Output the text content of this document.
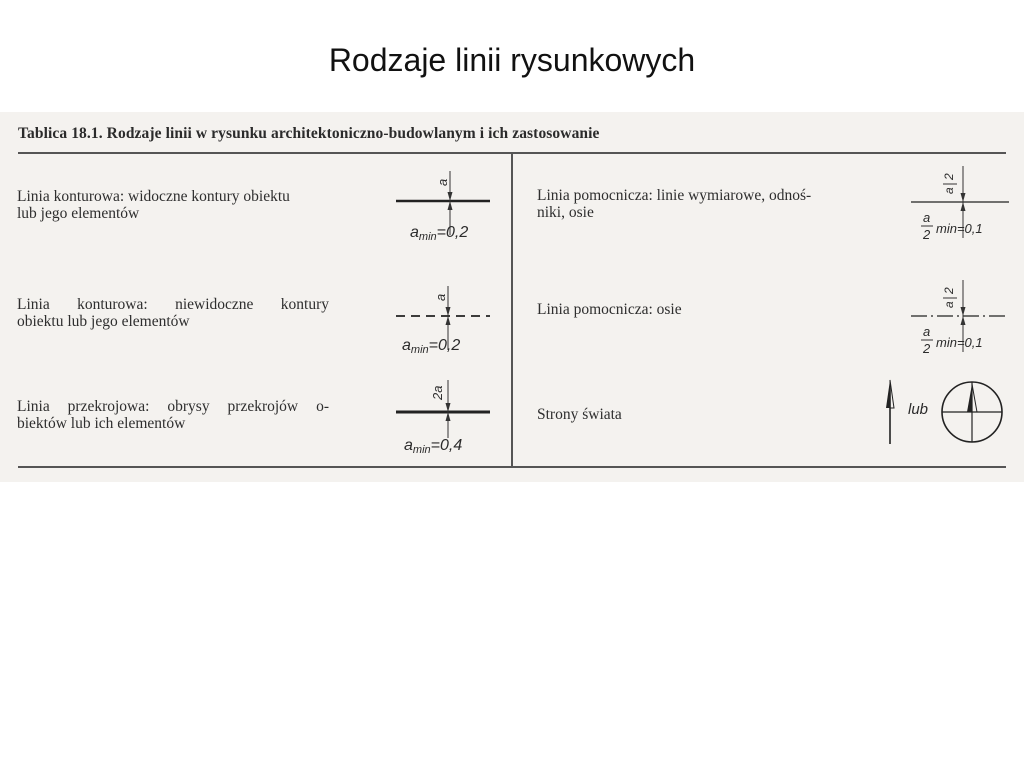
Rodzaje linii rysunkowych
Tablica 18.1. Rodzaje linii w rysunku architektoniczno-budowlanym i ich zastosowanie
Linia konturowa: widoczne kontury obiektu
lub jego elementów
Linia konturowa: niewidoczne kontury
obiektu lub jego elementów
Linia przekrojowa: obrysy przekrojów o-
biektów lub ich elementów
a
amin=0,2
a
amin=0,2
2a
amin=0,4
Linia pomocnicza: linie wymiarowe, odnoś-
niki, osie
Linia pomocnicza: osie
Strony świata
a
2
a
2 min=0,1
a
2
a
2 min=0,1
lub
